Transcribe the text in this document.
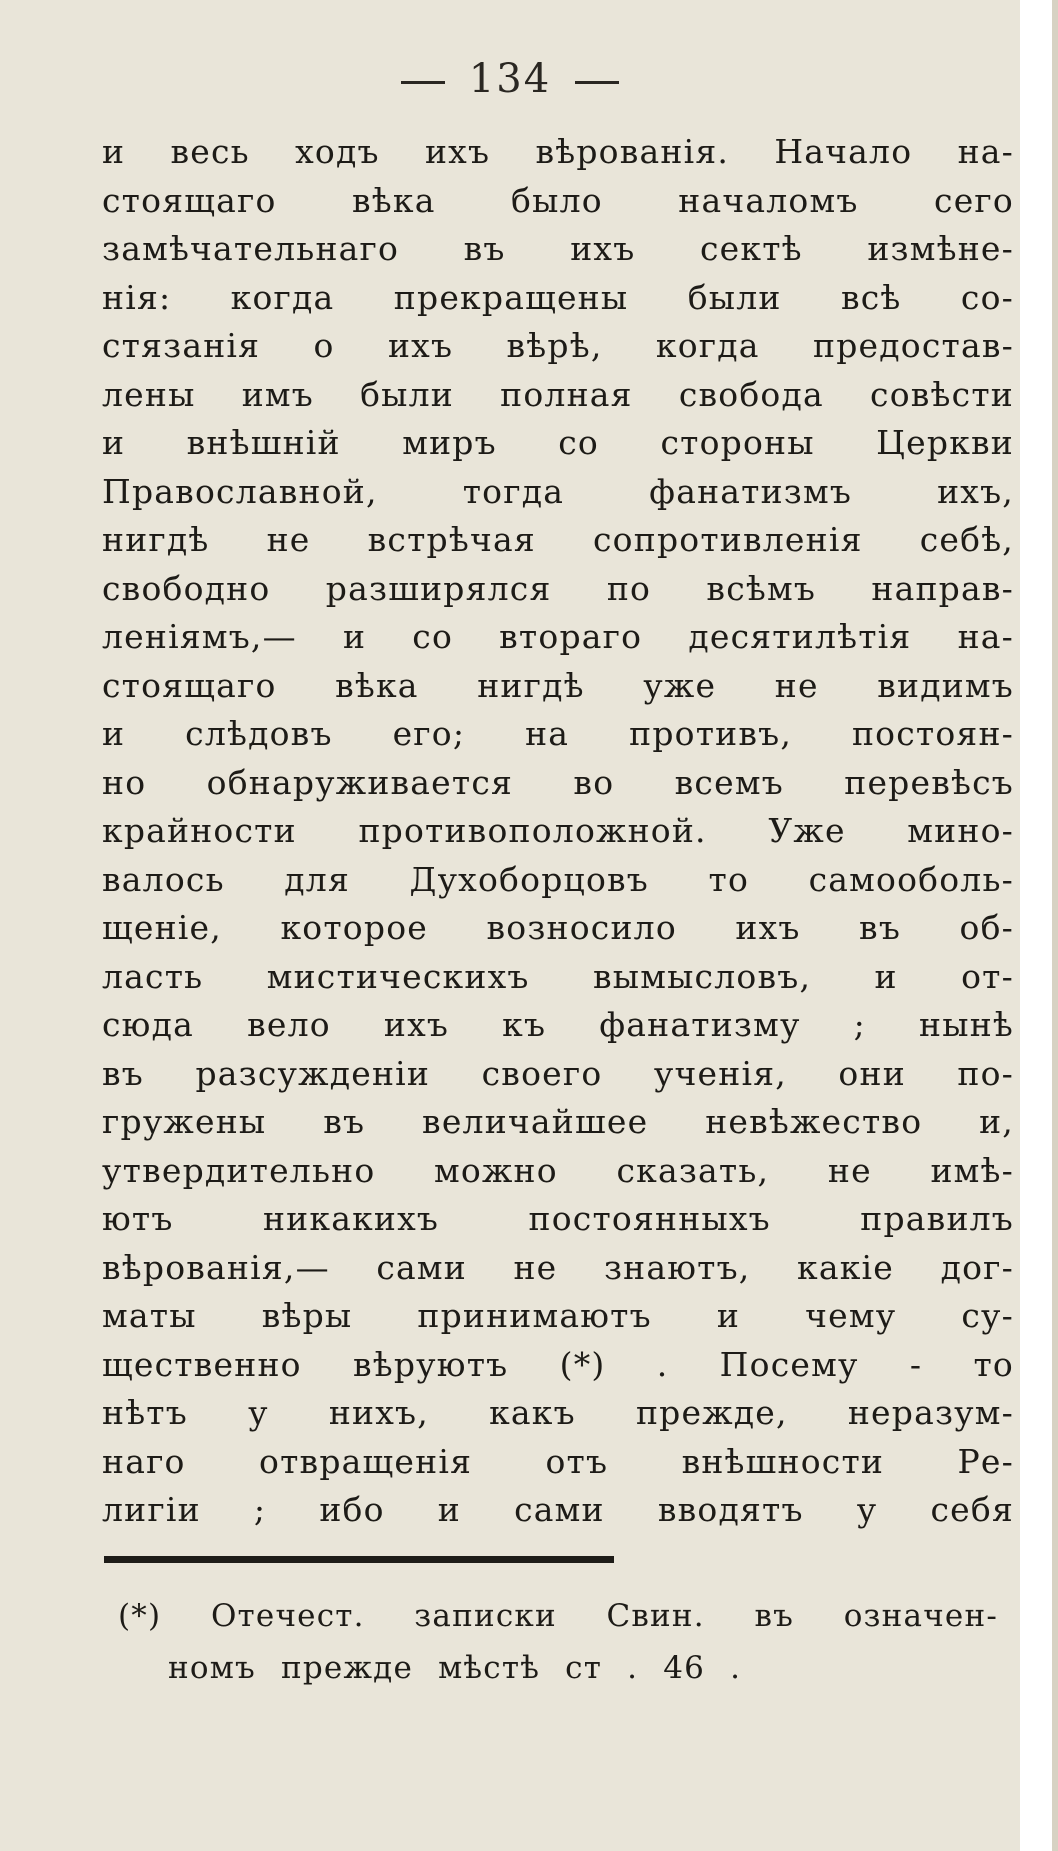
134
и весь ходъ ихъ вѣрованія. Начало на-
стоящаго вѣка было началомъ сего
замѣчательнаго въ ихъ сектѣ измѣне-
нія: когда прекращены были всѣ со-
стязанія о ихъ вѣрѣ, когда предостав-
лены имъ были полная свобода совѣсти
и внѣшній миръ со стороны Церкви
Православной, тогда фанатизмъ ихъ,
нигдѣ не встрѣчая сопротивленія себѣ,
свободно разширялся по всѣмъ направ-
леніямъ,— и со втораго десятилѣтія на-
стоящаго вѣка нигдѣ уже не видимъ
и слѣдовъ его; на противъ, постоян-
но обнаруживается во всемъ перевѣсъ
крайности противоположной. Уже мино-
валось для Духоборцовъ то самооболь-
щеніе, которое возносило ихъ въ об-
ласть мистическихъ вымысловъ, и от-
сюда вело ихъ къ фанатизму ; нынѣ
въ разсужденіи своего ученія, они по-
гружены въ величайшее невѣжество и,
утвердительно можно сказать, не имѣ-
ютъ никакихъ постоянныхъ правилъ
вѣрованія,— сами не знаютъ, какіе дог-
маты вѣры принимаютъ и чему су-
щественно вѣруютъ (*) . Посему - то
нѣтъ у нихъ, какъ прежде, неразум-
наго отвращенія отъ внѣшности Ре-
лигіи ; ибо и сами вводятъ у себя
(*) Отечест. записки Свин. въ означен-
номъ прежде мѣстѣ ст . 46 .
